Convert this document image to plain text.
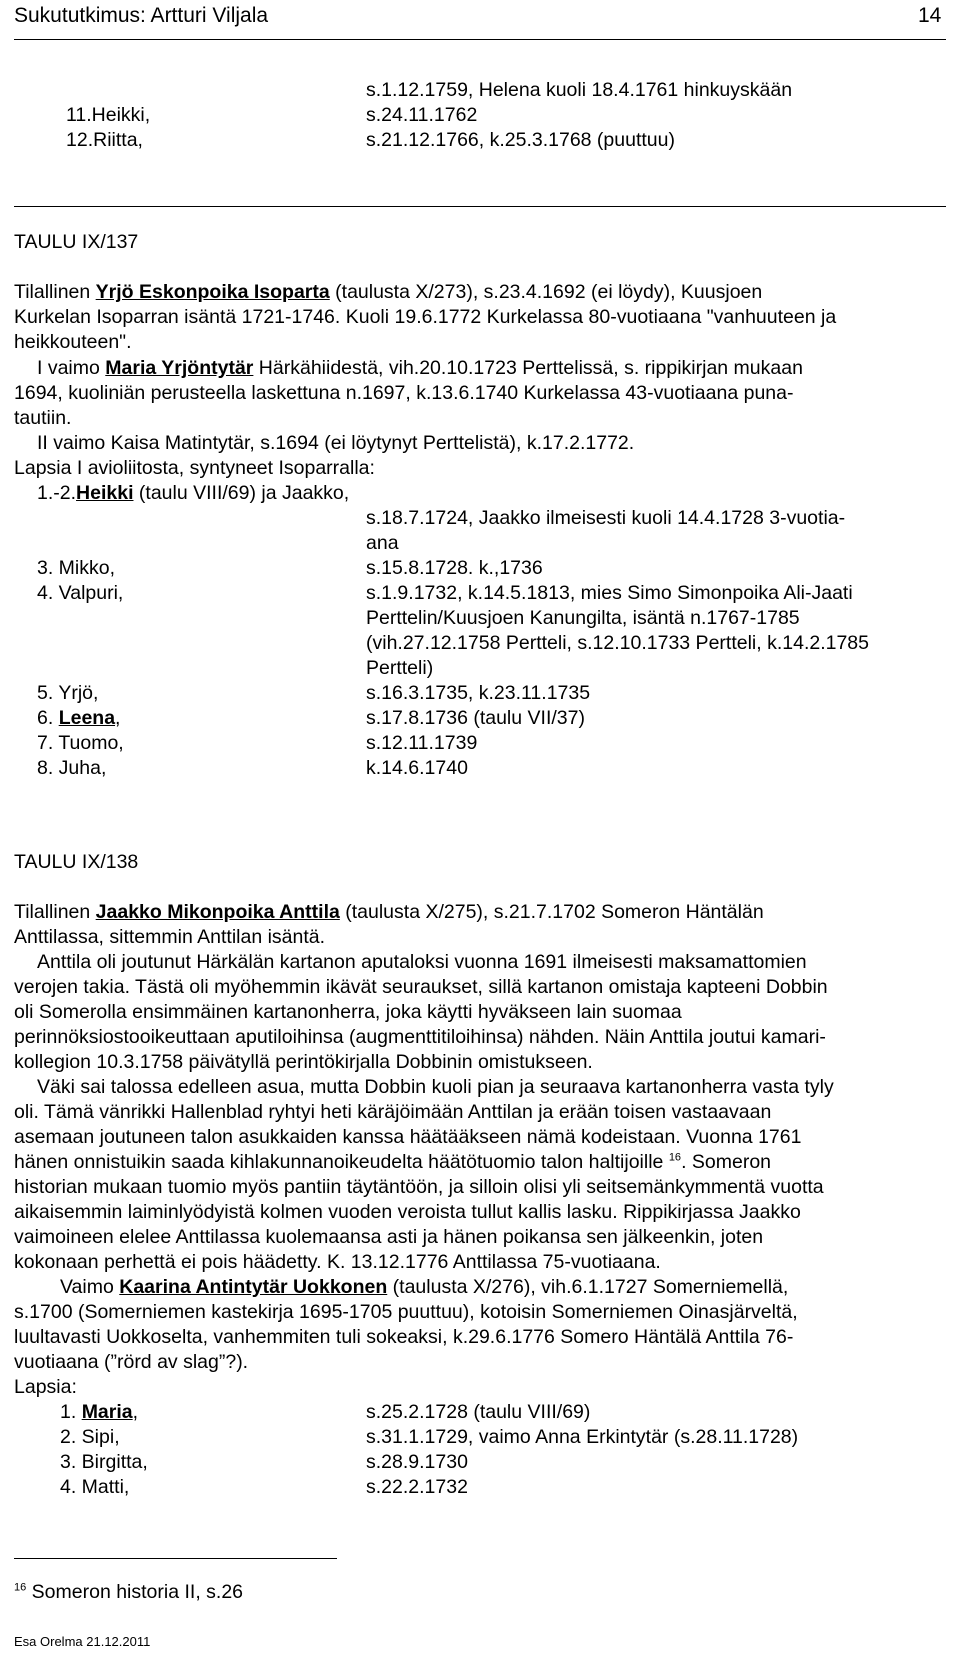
Sukututkimus: Artturi Viljala	14
s.1.12.1759, Helena kuoli 18.4.1761 hinkuyskään
11.Heikki,	s.24.11.1762
12.Riitta,	s.21.12.1766, k.25.3.1768 (puuttuu)
TAULU IX/137
Tilallinen Yrjö Eskonpoika Isoparta (taulusta X/273), s.23.4.1692 (ei löydy), Kuusjoen
Kurkelan Isoparran isäntä 1721-1746. Kuoli 19.6.1772 Kurkelassa 80-vuotiaana "vanhuuteen ja
heikkouteen".
I vaimo Maria Yrjöntytär Härkähiidestä, vih.20.10.1723 Perttelissä, s. rippikirjan mukaan
1694, kuoliniän perusteella laskettuna n.1697, k.13.6.1740 Kurkelassa 43-vuotiaana puna-
tautiin.
II vaimo Kaisa Matintytär, s.1694 (ei löytynyt Perttelistä), k.17.2.1772.
Lapsia I avioliitosta, syntyneet Isoparralla:
1.-2.Heikki (taulu VIII/69) ja Jaakko,
s.18.7.1724, Jaakko ilmeisesti kuoli 14.4.1728 3-vuotia-
ana
3. Mikko,	s.15.8.1728. k.,1736
4. Valpuri,	s.1.9.1732, k.14.5.1813, mies Simo Simonpoika Ali-Jaati
Perttelin/Kuusjoen Kanungilta, isäntä n.1767-1785
(vih.27.12.1758 Pertteli, s.12.10.1733 Pertteli, k.14.2.1785
Pertteli)
5. Yrjö,	s.16.3.1735, k.23.11.1735
6. Leena,	s.17.8.1736 (taulu VII/37)
7. Tuomo,	s.12.11.1739
8. Juha,	k.14.6.1740
TAULU IX/138
Tilallinen Jaakko Mikonpoika Anttila (taulusta X/275), s.21.7.1702 Someron Häntälän
Anttilassa, sittemmin Anttilan isäntä.
Anttila oli joutunut Härkälän kartanon aputaloksi vuonna 1691 ilmeisesti maksamattomien
verojen takia. Tästä oli myöhemmin ikävät seuraukset, sillä kartanon omistaja kapteeni Dobbin
oli Somerolla ensimmäinen kartanonherra, joka käytti hyväkseen lain suomaa
perinnöksiostooikeuttaan aputiloihinsa (augmenttitiloihinsa) nähden. Näin Anttila joutui kamari-
kollegion 10.3.1758 päivätyllä perintökirjalla Dobbinin omistukseen.
Väki sai talossa edelleen asua, mutta Dobbin kuoli pian ja seuraava kartanonherra vasta tyly
oli. Tämä vänrikki Hallenblad ryhtyi heti käräjöimään Anttilan ja erään toisen vastaavaan
asemaan joutuneen talon asukkaiden kanssa häätääkseen nämä kodeistaan. Vuonna 1761
hänen onnistuikin saada kihlakunnanoikeudelta häätötuomio talon haltijoille $^{16}$. Someron
historian mukaan tuomio myös pantiin täytäntöön, ja silloin olisi yli seitsemänkymmentä vuotta
aikaisemmin laiminlyödyistä kolmen vuoden veroista tullut kallis lasku. Rippikirjassa Jaakko
vaimoineen elelee Anttilassa kuolemaansa asti ja hänen poikansa sen jälkeenkin, joten
kokonaan perhettä ei pois häädetty. K. 13.12.1776 Anttilassa 75-vuotiaana.
Vaimo Kaarina Antintytär Uokkonen (taulusta X/276), vih.6.1.1727 Somerniemellä,
s.1700 (Somerniemen kastekirja 1695-1705 puuttuu), kotoisin Somerniemen Oinasjärveltä,
luultavasti Uokkoselta, vanhemmiten tuli sokeaksi, k.29.6.1776 Somero Häntälä Anttila 76-
vuotiaana (”rörd av slag”?).
Lapsia:
1. Maria,	s.25.2.1728 (taulu VIII/69)
2. Sipi,	s.31.1.1729, vaimo Anna Erkintytär (s.28.11.1728)
3. Birgitta,	s.28.9.1730
4. Matti,	s.22.2.1732
$^{16}$ Someron historia II, s.26
Esa Orelma 21.12.2011
